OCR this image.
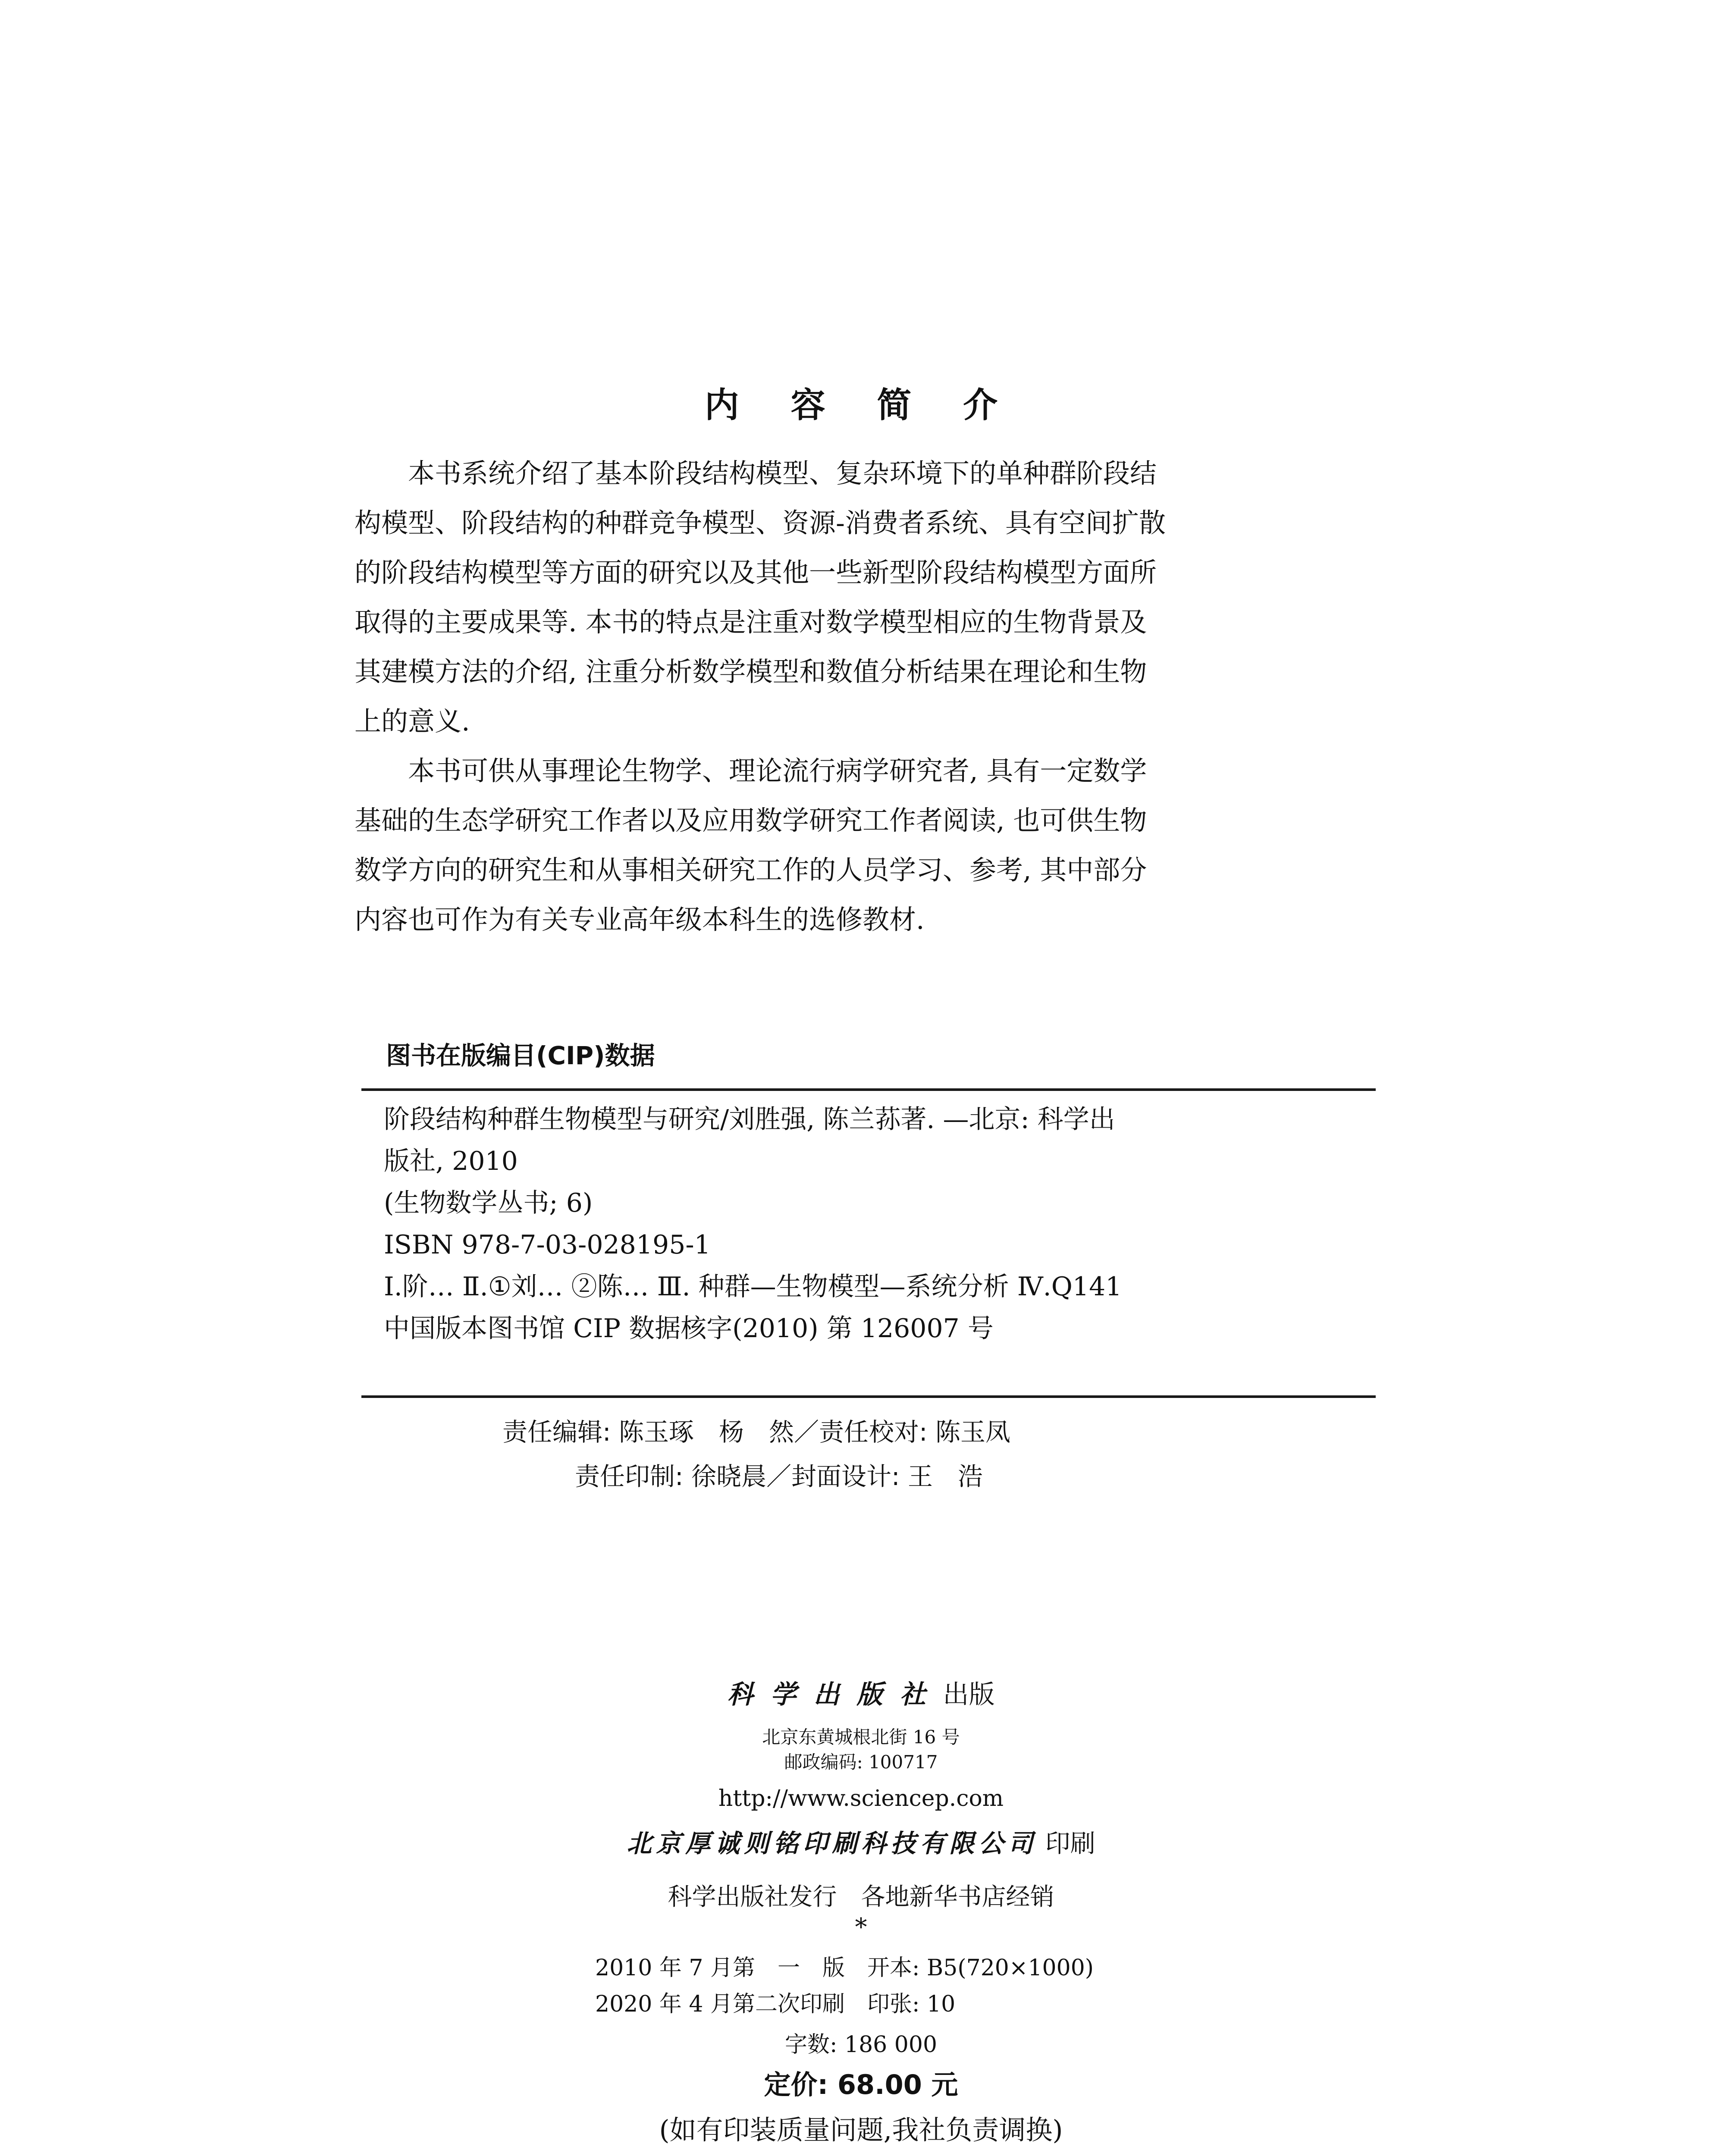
内 容 简 介

　　本书系统介绍了基本阶段结构模型、复杂环境下的单种群阶段结
构模型、阶段结构的种群竞争模型、资源-消费者系统、具有空间扩散
的阶段结构模型等方面的研究以及其他一些新型阶段结构模型方面所
取得的主要成果等. 本书的特点是注重对数学模型相应的生物背景及
其建模方法的介绍, 注重分析数学模型和数值分析结果在理论和生物
上的意义.

　　本书可供从事理论生物学、理论流行病学研究者, 具有一定数学
基础的生态学研究工作者以及应用数学研究工作者阅读, 也可供生物
数学方向的研究生和从事相关研究工作的人员学习、参考, 其中部分
内容也可作为有关专业高年级本科生的选修教材.

图书在版编目(CIP)数据
阶段结构种群生物模型与研究/刘胜强, 陈兰荪著. —北京: 科学出
版社, 2010
(生物数学丛书; 6)
ISBN 978-7-03-028195-1
Ⅰ.阶… Ⅱ.①刘… ②陈… Ⅲ. 种群—生物模型—系统分析 Ⅳ.Q141
中国版本图书馆 CIP 数据核字(2010) 第 126007 号
责任编辑: 陈玉琢　杨　然／责任校对: 陈玉凤
责任印制: 徐晓晨／封面设计: 王　浩
科学出版社出版
北京东黄城根北街 16 号
邮政编码: 100717
http://www.sciencep.com
北京厚诚则铭印刷科技有限公司 印刷
科学出版社发行　各地新华书店经销
*
2010 年 7 月第　一　版　开本: B5(720×1000)
2020 年 4 月第二次印刷　印张: 10
字数: 186 000
定价: 68.00 元
(如有印装质量问题,我社负责调换)
